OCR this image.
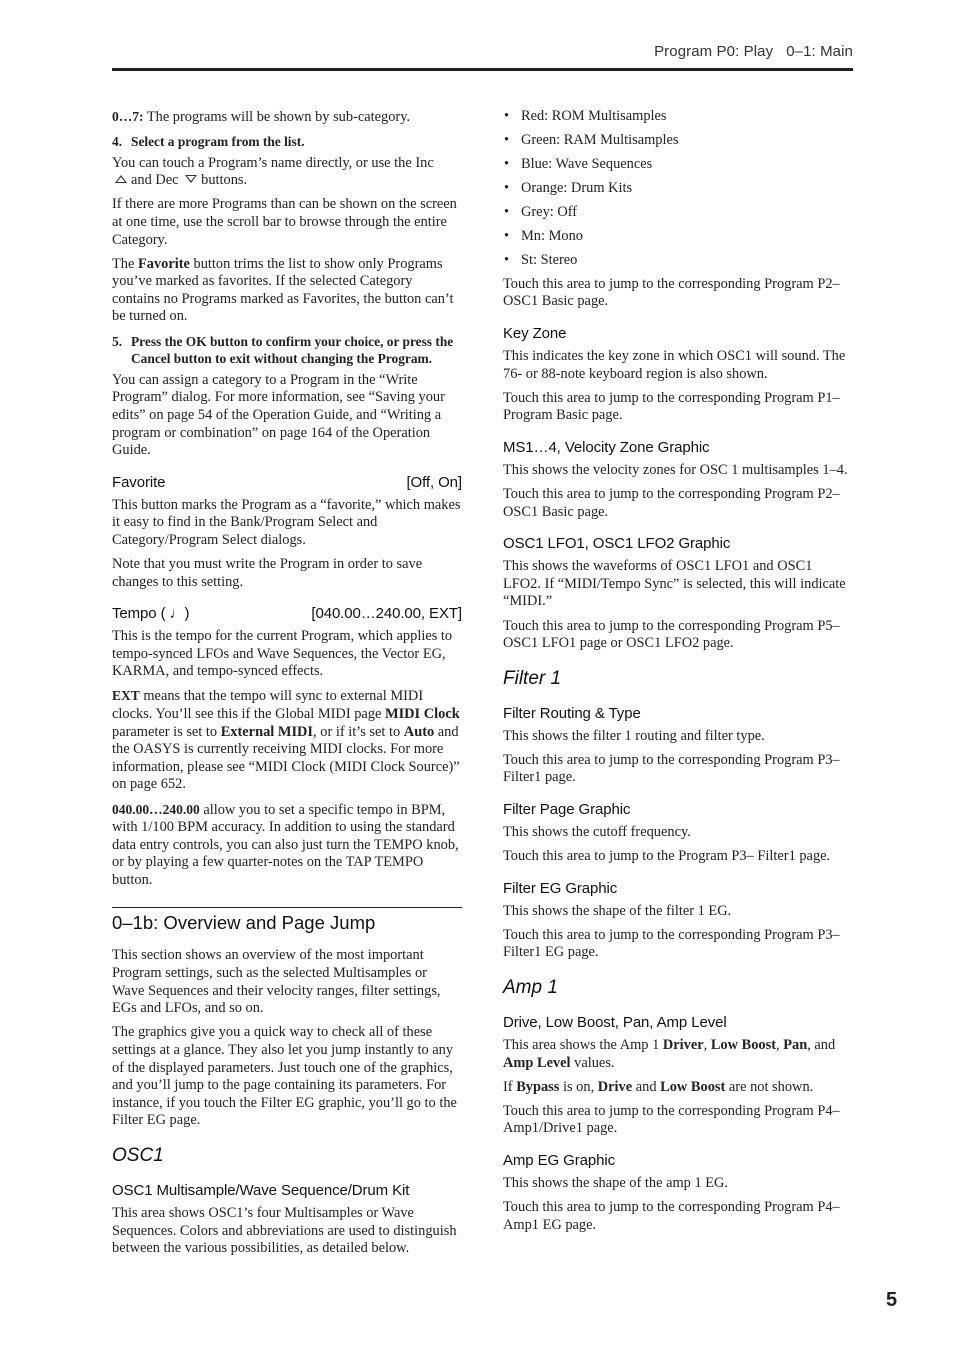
Program P0: Play 0–1: Main

0…7: The programs will be shown by sub-category.

4. Select a program from the list.

You can touch a Program’s name directly, or use the Inc
and Dec buttons.

If there are more Programs than can be shown on the screen at one time, use the scroll bar to browse through the entire Category.

The Favorite button trims the list to show only Programs you’ve marked as favorites. If the selected Category contains no Programs marked as Favorites, the button can’t be turned on.

5. Press the OK button to confirm your choice, or press the Cancel button to exit without changing the Program.

You can assign a category to a Program in the “Write Program” dialog. For more information, see “Saving your edits” on page 54 of the Operation Guide, and “Writing a program or combination” on page 164 of the Operation Guide.

Favorite	[Off, On]

This button marks the Program as a “favorite,” which makes it easy to find in the Bank/Program Select and Category/Program Select dialogs.

Note that you must write the Program in order to save changes to this setting.

Tempo ( ♩)	[040.00…240.00, EXT]

This is the tempo for the current Program, which applies to tempo-synced LFOs and Wave Sequences, the Vector EG, KARMA, and tempo-synced effects.

EXT means that the tempo will sync to external MIDI clocks. You’ll see this if the Global MIDI page MIDI Clock parameter is set to External MIDI, or if it’s set to Auto and the OASYS is currently receiving MIDI clocks. For more information, please see “MIDI Clock (MIDI Clock Source)” on page 652.

040.00…240.00 allow you to set a specific tempo in BPM, with 1/100 BPM accuracy. In addition to using the standard data entry controls, you can also just turn the TEMPO knob, or by playing a few quarter-notes on the TAP TEMPO button.

0–1b: Overview and Page Jump

This section shows an overview of the most important Program settings, such as the selected Multisamples or Wave Sequences and their velocity ranges, filter settings, EGs and LFOs, and so on.

The graphics give you a quick way to check all of these settings at a glance. They also let you jump instantly to any of the displayed parameters. Just touch one of the graphics, and you’ll jump to the page containing its parameters. For instance, if you touch the Filter EG graphic, you’ll go to the Filter EG page.

OSC1
OSC1 Multisample/Wave Sequence/Drum Kit

This area shows OSC1’s four Multisamples or Wave Sequences. Colors and abbreviations are used to distinguish between the various possibilities, as detailed below.

• Red: ROM Multisamples
• Green: RAM Multisamples
• Blue: Wave Sequences
• Orange: Drum Kits
• Grey: Off
• Mn: Mono
• St: Stereo

Touch this area to jump to the corresponding Program P2– OSC1 Basic page.

Key Zone

This indicates the key zone in which OSC1 will sound. The 76- or 88-note keyboard region is also shown.

Touch this area to jump to the corresponding Program P1– Program Basic page.

MS1…4, Velocity Zone Graphic

This shows the velocity zones for OSC 1 multisamples 1–4.

Touch this area to jump to the corresponding Program P2– OSC1 Basic page.

OSC1 LFO1, OSC1 LFO2 Graphic

This shows the waveforms of OSC1 LFO1 and OSC1 LFO2. If “MIDI/Tempo Sync” is selected, this will indicate “MIDI.”

Touch this area to jump to the corresponding Program P5– OSC1 LFO1 page or OSC1 LFO2 page.

Filter 1
Filter Routing & Type

This shows the filter 1 routing and filter type.

Touch this area to jump to the corresponding Program P3– Filter1 page.

Filter Page Graphic

This shows the cutoff frequency.

Touch this area to jump to the Program P3– Filter1 page.

Filter EG Graphic

This shows the shape of the filter 1 EG.

Touch this area to jump to the corresponding Program P3– Filter1 EG page.

Amp 1
Drive, Low Boost, Pan, Amp Level

This area shows the Amp 1 Driver, Low Boost, Pan, and Amp Level values.

If Bypass is on, Drive and Low Boost are not shown.

Touch this area to jump to the corresponding Program P4– Amp1/Drive1 page.

Amp EG Graphic

This shows the shape of the amp 1 EG.

Touch this area to jump to the corresponding Program P4– Amp1 EG page.

5
